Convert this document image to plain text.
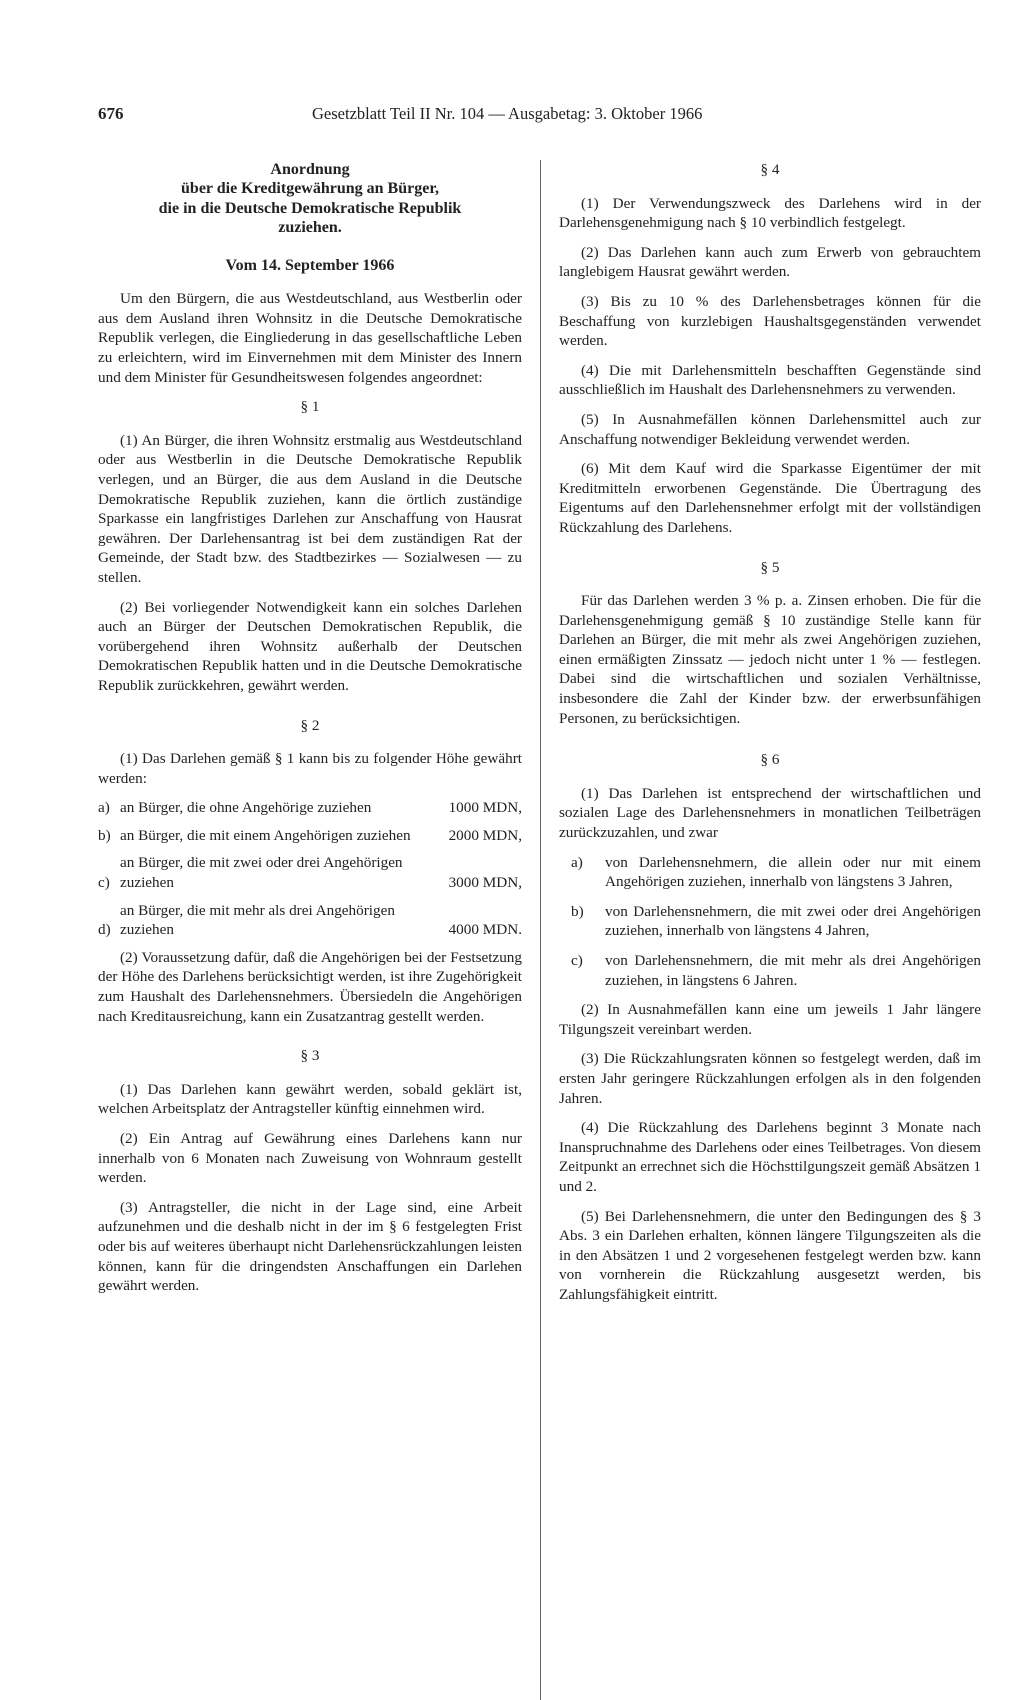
676	Gesetzblatt Teil II Nr. 104 — Ausgabetag: 3. Oktober 1966
Anordnung
über die Kreditgewährung an Bürger,
die in die Deutsche Demokratische Republik
zuziehen.
Vom 14. September 1966

Um den Bürgern, die aus Westdeutschland, aus Westberlin oder aus dem Ausland ihren Wohnsitz in die Deutsche Demokratische Republik verlegen, die Eingliederung in das gesellschaftliche Leben zu erleichtern, wird im Einvernehmen mit dem Minister des Innern und dem Minister für Gesundheitswesen folgendes angeordnet:

§ 1

(1) An Bürger, die ihren Wohnsitz erstmalig aus Westdeutschland oder aus Westberlin in die Deutsche Demokratische Republik verlegen, und an Bürger, die aus dem Ausland in die Deutsche Demokratische Republik zuziehen, kann die örtlich zuständige Sparkasse ein langfristiges Darlehen zur Anschaffung von Hausrat gewähren. Der Darlehensantrag ist bei dem zuständigen Rat der Gemeinde, der Stadt bzw. des Stadtbezirkes — Sozialwesen — zu stellen.

(2) Bei vorliegender Notwendigkeit kann ein solches Darlehen auch an Bürger der Deutschen Demokratischen Republik, die vorübergehend ihren Wohnsitz außerhalb der Deutschen Demokratischen Republik hatten und in die Deutsche Demokratische Republik zurückkehren, gewährt werden.

§ 2

(1) Das Darlehen gemäß § 1 kann bis zu folgender Höhe gewährt werden:

a) an Bürger, die ohne Angehörige zuziehen	1000 MDN,
b) an Bürger, die mit einem Angehörigen zuziehen	2000 MDN,
c)
an Bürger, die mit zwei oder drei Angehörigen zuziehen	3000 MDN,
d)
an Bürger, die mit mehr als drei Angehörigen zuziehen	4000 MDN.

(2) Voraussetzung dafür, daß die Angehörigen bei der Festsetzung der Höhe des Darlehens berücksichtigt werden, ist ihre Zugehörigkeit zum Haushalt des Darlehensnehmers. Übersiedeln die Angehörigen nach Kreditausreichung, kann ein Zusatzantrag gestellt werden.

§ 3

(1) Das Darlehen kann gewährt werden, sobald geklärt ist, welchen Arbeitsplatz der Antragsteller künftig einnehmen wird.

(2) Ein Antrag auf Gewährung eines Darlehens kann nur innerhalb von 6 Monaten nach Zuweisung von Wohnraum gestellt werden.

(3) Antragsteller, die nicht in der Lage sind, eine Arbeit aufzunehmen und die deshalb nicht in der im § 6 festgelegten Frist oder bis auf weiteres überhaupt nicht Darlehensrückzahlungen leisten können, kann für die dringendsten Anschaffungen ein Darlehen gewährt werden.

§ 4

(1) Der Verwendungszweck des Darlehens wird in der Darlehensgenehmigung nach § 10 verbindlich festgelegt.

(2) Das Darlehen kann auch zum Erwerb von gebrauchtem langlebigem Hausrat gewährt werden.

(3) Bis zu 10 % des Darlehensbetrages können für die Beschaffung von kurzlebigen Haushaltsgegenständen verwendet werden.

(4) Die mit Darlehensmitteln beschafften Gegenstände sind ausschließlich im Haushalt des Darlehensnehmers zu verwenden.

(5) In Ausnahmefällen können Darlehensmittel auch zur Anschaffung notwendiger Bekleidung verwendet werden.

(6) Mit dem Kauf wird die Sparkasse Eigentümer der mit Kreditmitteln erworbenen Gegenstände. Die Übertragung des Eigentums auf den Darlehensnehmer erfolgt mit der vollständigen Rückzahlung des Darlehens.

§ 5

Für das Darlehen werden 3 % p. a. Zinsen erhoben. Die für die Darlehensgenehmigung gemäß § 10 zuständige Stelle kann für Darlehen an Bürger, die mit mehr als zwei Angehörigen zuziehen, einen ermäßigten Zinssatz — jedoch nicht unter 1 % — festlegen. Dabei sind die wirtschaftlichen und sozialen Verhältnisse, insbesondere die Zahl der Kinder bzw. der erwerbsunfähigen Personen, zu berücksichtigen.

§ 6

(1) Das Darlehen ist entsprechend der wirtschaftlichen und sozialen Lage des Darlehensnehmers in monatlichen Teilbeträgen zurückzuzahlen, und zwar

a)	von Darlehensnehmern, die allein oder nur mit einem Angehörigen zuziehen, innerhalb von längstens 3 Jahren,
b)	von Darlehensnehmern, die mit zwei oder drei Angehörigen zuziehen, innerhalb von längstens 4 Jahren,
c)	von Darlehensnehmern, die mit mehr als drei Angehörigen zuziehen, in längstens 6 Jahren.

(2) In Ausnahmefällen kann eine um jeweils 1 Jahr längere Tilgungszeit vereinbart werden.

(3) Die Rückzahlungsraten können so festgelegt werden, daß im ersten Jahr geringere Rückzahlungen erfolgen als in den folgenden Jahren.

(4) Die Rückzahlung des Darlehens beginnt 3 Monate nach Inanspruchnahme des Darlehens oder eines Teilbetrages. Von diesem Zeitpunkt an errechnet sich die Höchsttilgungszeit gemäß Absätzen 1 und 2.

(5) Bei Darlehensnehmern, die unter den Bedingungen des § 3 Abs. 3 ein Darlehen erhalten, können längere Tilgungszeiten als die in den Absätzen 1 und 2 vorgesehenen festgelegt werden bzw. kann von vornherein die Rückzahlung ausgesetzt werden, bis Zahlungsfähigkeit eintritt.
